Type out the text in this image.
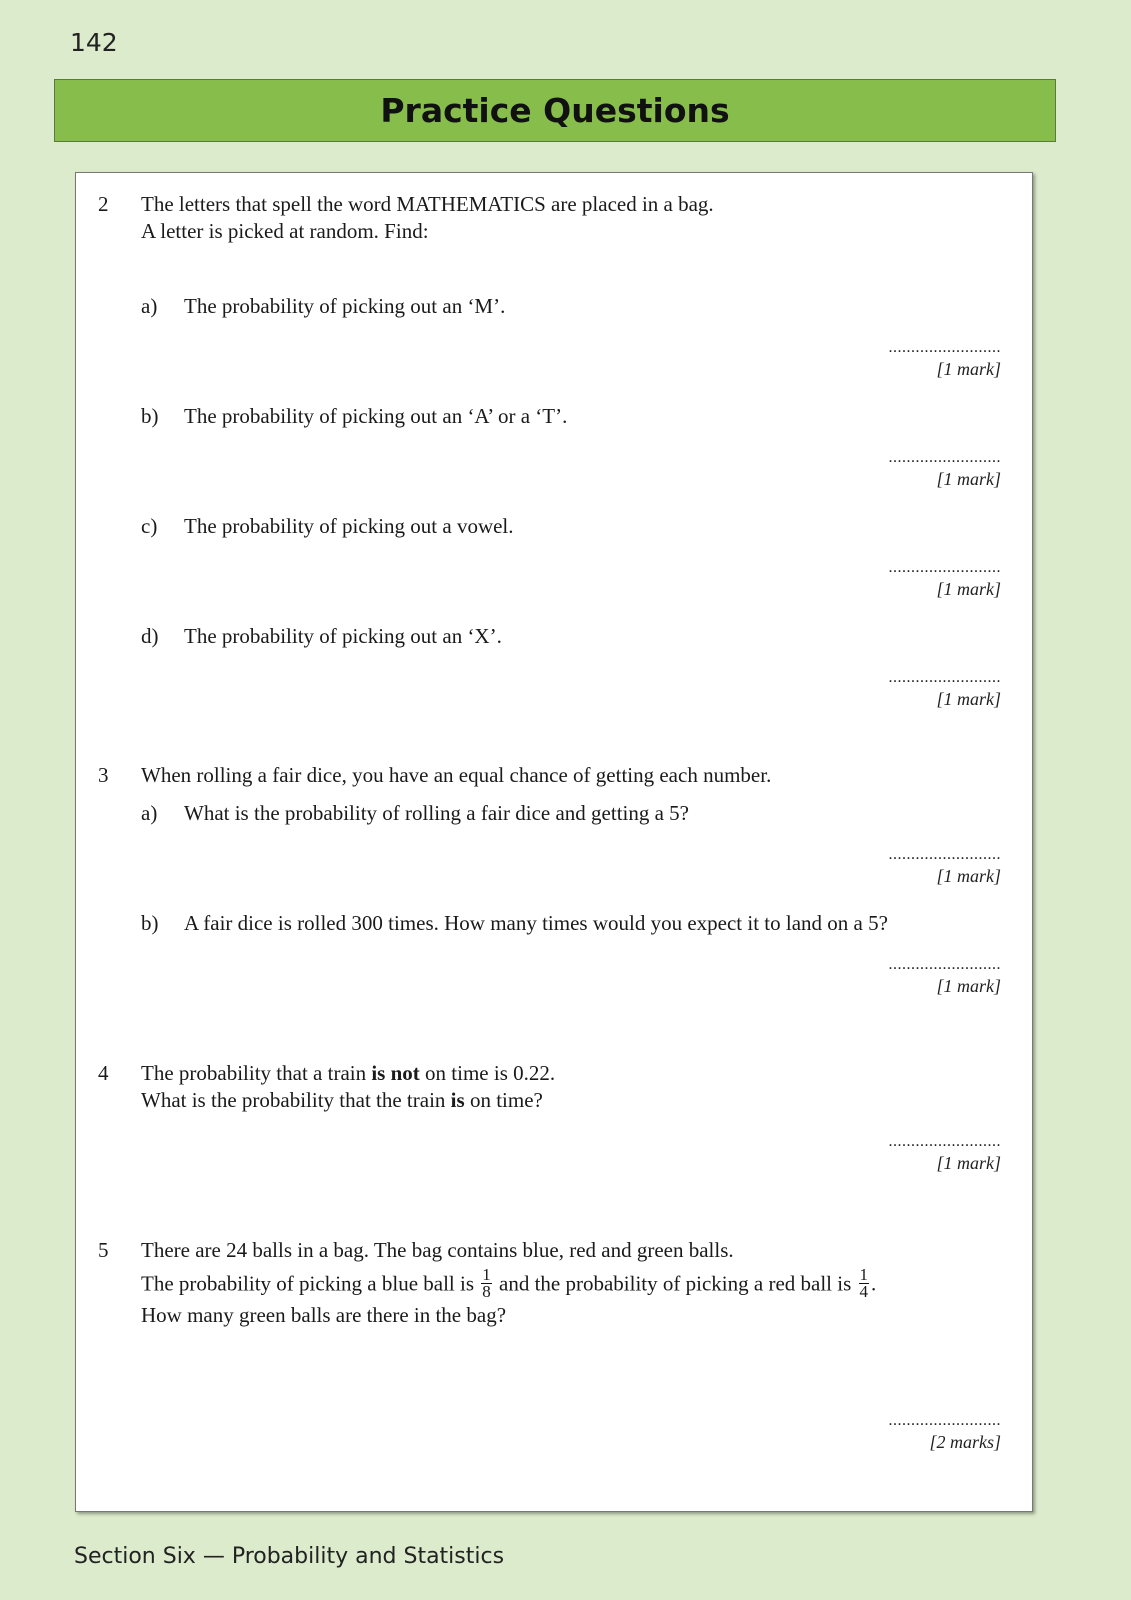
142
Practice Questions
2 The letters that spell the word MATHEMATICS are placed in a bag.
A letter is picked at random. Find:
a) The probability of picking out an ‘M’.
.........................
[1 mark]
b) The probability of picking out an ‘A’ or a ‘T’.
.........................
[1 mark]
c) The probability of picking out a vowel.
.........................
[1 mark]
d) The probability of picking out an ‘X’.
.........................
[1 mark]
3 When rolling a fair dice, you have an equal chance of getting each number.
a) What is the probability of rolling a fair dice and getting a 5?
.........................
[1 mark]
b) A fair dice is rolled 300 times. How many times would you expect it to land on a 5?
.........................
[1 mark]
4 The probability that a train is not on time is 0.22.
What is the probability that the train is on time?
.........................
[1 mark]
5 There are 24 balls in a bag. The bag contains blue, red and green balls.
The probability of picking a blue ball is $\frac{1}{8}$ and the probability of picking a red ball is $\frac{1}{4}$ .
How many green balls are there in the bag?
.........................
[2 marks]
Section Six — Probability and Statistics
